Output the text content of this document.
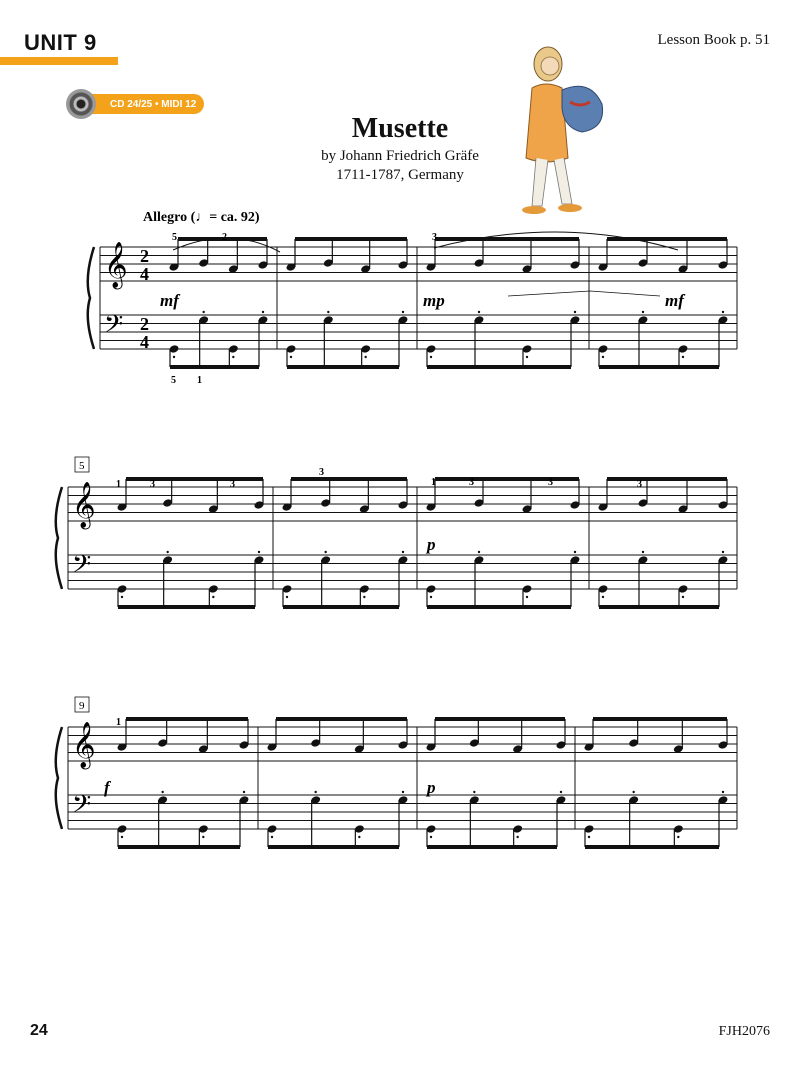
UNIT 9	Lesson Book p. 51
CD 24/25 • MIDI 12
Musette
by Johann Friedrich Gräfe
1711-1787, Germany
𝄞
𝄢
2
4
2
4
mf	mp	mf
𝄞
𝄢
5
p
𝄞
𝄢
9
f	p
Allegro (♩= ca. 92)
5	2	3
5 1
1	3	3
3
1	3	3	3
1
24	FJH2076
